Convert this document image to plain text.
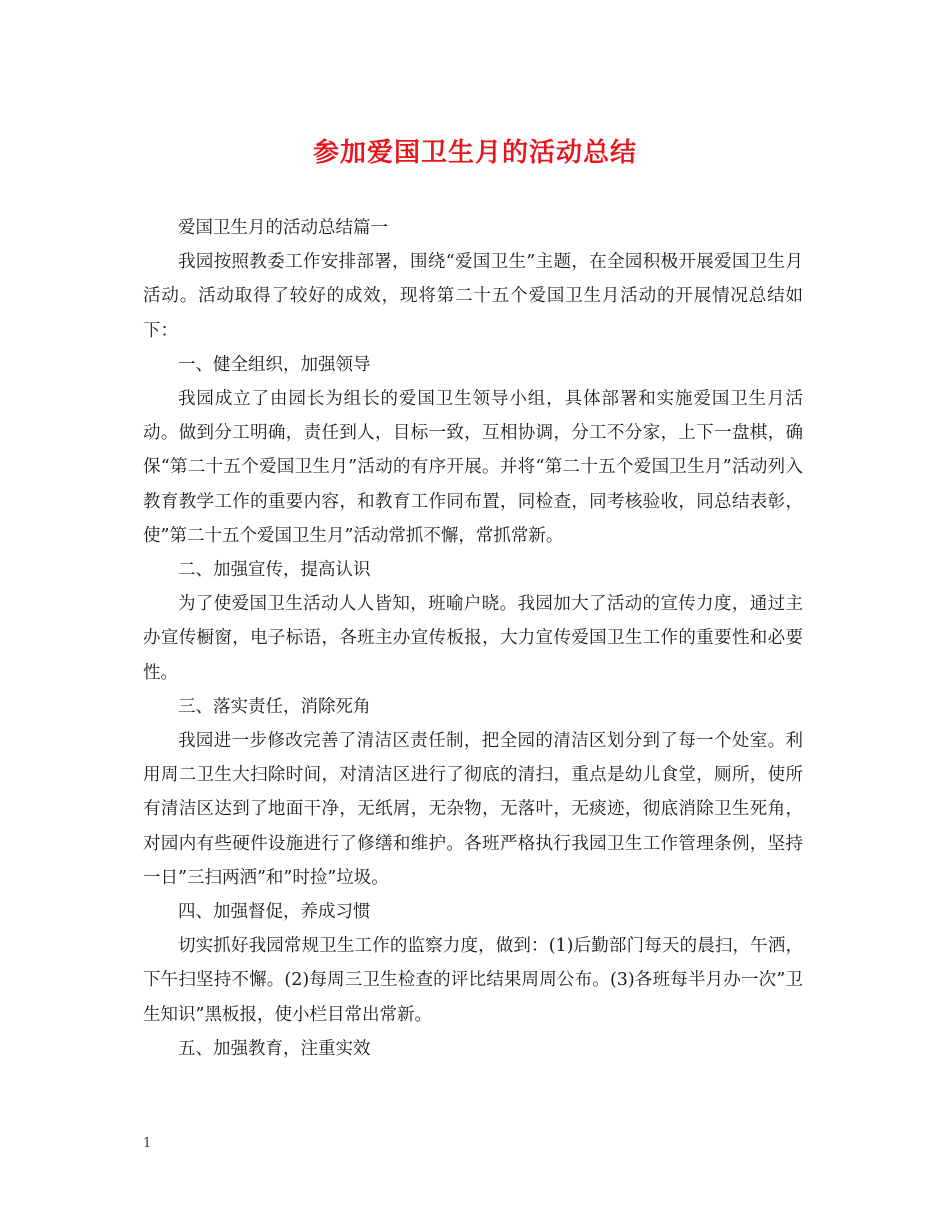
参加爱国卫生月的活动总结

爱国卫生月的活动总结篇一

我园按照教委工作安排部署，围绕“爱国卫生”主题，在全园积极开展爱国卫生月活动。活动取得了较好的成效，现将第二十五个爱国卫生月活动的开展情况总结如下：

一、健全组织，加强领导

我园成立了由园长为组长的爱国卫生领导小组，具体部署和实施爱国卫生月活动。做到分工明确，责任到人，目标一致，互相协调，分工不分家，上下一盘棋，确保“第二十五个爱国卫生月”活动的有序开展。并将“第二十五个爱国卫生月”活动列入教育教学工作的重要内容，和教育工作同布置，同检查，同考核验收，同总结表彰，使”第二十五个爱国卫生月”活动常抓不懈，常抓常新。

二、加强宣传，提高认识

为了使爱国卫生活动人人皆知，班喻户晓。我园加大了活动的宣传力度，通过主办宣传橱窗，电子标语，各班主办宣传板报，大力宣传爱国卫生工作的重要性和必要性。

三、落实责任，消除死角

我园进一步修改完善了清洁区责任制，把全园的清洁区划分到了每一个处室。利用周二卫生大扫除时间，对清洁区进行了彻底的清扫，重点是幼儿食堂，厕所，使所有清洁区达到了地面干净，无纸屑，无杂物，无落叶，无痰迹，彻底消除卫生死角，对园内有些硬件设施进行了修缮和维护。各班严格执行我园卫生工作管理条例，坚持一日”三扫两洒”和”时捡”垃圾。

四、加强督促，养成习惯

切实抓好我园常规卫生工作的监察力度，做到：(1)后勤部门每天的晨扫，午洒，下午扫坚持不懈。(2)每周三卫生检查的评比结果周周公布。(3)各班每半月办一次”卫生知识”黑板报，使小栏目常出常新。

五、加强教育，注重实效

1
